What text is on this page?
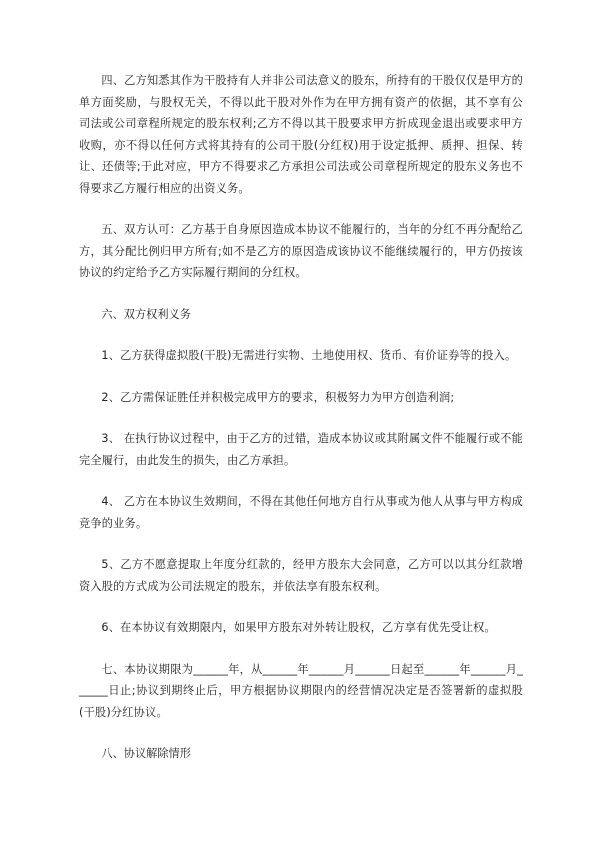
四、乙方知悉其作为干股持有人并非公司法意义的股东，所持有的干股仅仅是甲方的单方面奖励，与股权无关，不得以此干股对外作为在甲方拥有资产的依据，其不享有公司法或公司章程所规定的股东权利;乙方不得以其干股要求甲方折成现金退出或要求甲方收购，亦不得以任何方式将其持有的公司干股(分红权)用于设定抵押、质押、担保、转让、还债等;于此对应，甲方不得要求乙方承担公司法或公司章程所规定的股东义务也不得要求乙方履行相应的出资义务。

五、双方认可：乙方基于自身原因造成本协议不能履行的，当年的分红不再分配给乙方，其分配比例归甲方所有;如不是乙方的原因造成该协议不能继续履行的，甲方仍按该协议的约定给予乙方实际履行期间的分红权。

六、双方权利义务

1、乙方获得虚拟股(干股)无需进行实物、土地使用权、货币、有价证券等的投入。

2、乙方需保证胜任并积极完成甲方的要求，积极努力为甲方创造利润;

3、 在执行协议过程中，由于乙方的过错，造成本协议或其附属文件不能履行或不能完全履行，由此发生的损失，由乙方承担。

4、 乙方在本协议生效期间，不得在其他任何地方自行从事或为他人从事与甲方构成竞争的业务。

5、乙方不愿意提取上年度分红款的，经甲方股东大会同意，乙方可以以其分红款增资入股的方式成为公司法规定的股东，并依法享有股东权利。

6、在本协议有效期限内，如果甲方股东对外转让股权，乙方享有优先受让权。

七、本协议期限为______年，从______年______月______日起至______年______月______日止;协议到期终止后，甲方根据协议期限内的经营情况决定是否签署新的虚拟股(干股)分红协议。

八、协议解除情形
